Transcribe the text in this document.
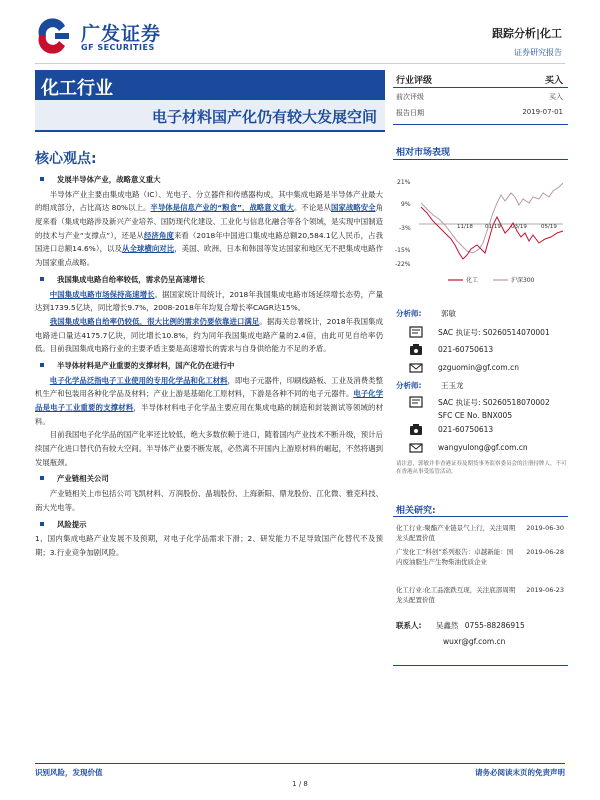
广发证券
GF SECURITIES
跟踪分析|化工
证券研究报告
化工行业
电子材料国产化仍有较大发展空间
行业评级	买入
前次评级	买入
报告日期	2019-07-01
相对市场表现
21%
9%
-3%
-15%
-22%
11/18 01/19 03/19	05/19
化工	沪深300
分析师:	郭敏
SAC 执证号: S0260514070001
021-60750613
gzguomin@gf.com.cn
分析师:	王玉龙
SAC 执证号: S0260518070002
SFC CE No. BNX005
021-60750613
wangyulong@gf.com.cn
请注意，郭敏并非香港证券及期货事务监察委员会的注册持牌人，不可在香港从事受监管活动。
相关研究:
化工行业:聚酯产业链景气上行，关注周期龙头配置价值
2019-06-30
广发化工“科创”系列报告：卓越新能：国内废油脂生产生物柴油优质企业
2019-06-28
化工行业:化工品涨跌互现，关注底部周期龙头配置价值
2019-06-23
联系人: 吴鑫然 0755-88286915
wuxr@gf.com.cn
核心观点:
发展半导体产业，战略意义重大
半导体产业主要由集成电路（IC）、光电子、分立器件和传感器构成，其中集成电路是半导体产业最大的组成部分，占比高达 80%以上。半导体是信息产业的“粮食”，战略意义重大。不论是从国家战略安全角度来看（集成电路涉及新兴产业培养、国防现代化建设、工业化与信息化融合等各个领域，是实现中国制造的技术与产业“支撑点”），还是从经济角度来看（2018年中国进口集成电路总额20,584.1亿人民币，占我国进口总额14.6%），以及从全球横向对比，美国、欧洲、日本和韩国等发达国家和地区无不把集成电路作为国家重点战略。
我国集成电路自给率较低，需求仍呈高速增长
中国集成电路市场保持高速增长。据国家统计局统计，2018年我国集成电路市场延续增长态势，产量达到1739.5亿块，同比增长9.7%，2008-2018年年均复合增长率CAGR达15%。
我国集成电路自给率仍较低，很大比例的需求仍要依靠进口满足。据海关总署统计，2018年我国集成电路进口量达4175.7亿块，同比增长10.8%，约为同年我国集成电路产量的2.4倍，由此可见自给率仍低。目前我国集成电路行业的主要矛盾主要是高速增长的需求与自身供给能力不足的矛盾。
半导体材料是产业重要的支撑材料，国产化仍在进行中
电子化学品泛指电子工业使用的专用化学品和化工材料，即电子元器件，印刷线路板、工业及消费类整机生产和包装用各种化学品及材料；产业上游是基础化工原材料，下游是各种不同的电子元器件。电子化学品是电子工业重要的支撑材料，半导体材料电子化学品主要应用在集成电路的制造和封装测试等领域的材料。
目前我国电子化学品的国产化率还比较低，绝大多数依赖于进口，随着国内产业技术不断升级，预计后续国产化进口替代仍有较大空间。半导体产业要不断发展，必然离不开国内上游原材料的崛起，不然将遇到发展瓶颈。
产业链相关公司
产业链相关上市包括公司飞凯材料、万润股份、晶瑞股份、上海新阳、鼎龙股份、江化微、雅克科技、南大光电等。
风险提示
1、国内集成电路产业发展不及预期，对电子化学品需求下滑；2、研发能力不足导致国产化替代不及预期；3.行业竞争加剧风险。
识别风险，发现价值	请务必阅读末页的免责声明
1 / 8
